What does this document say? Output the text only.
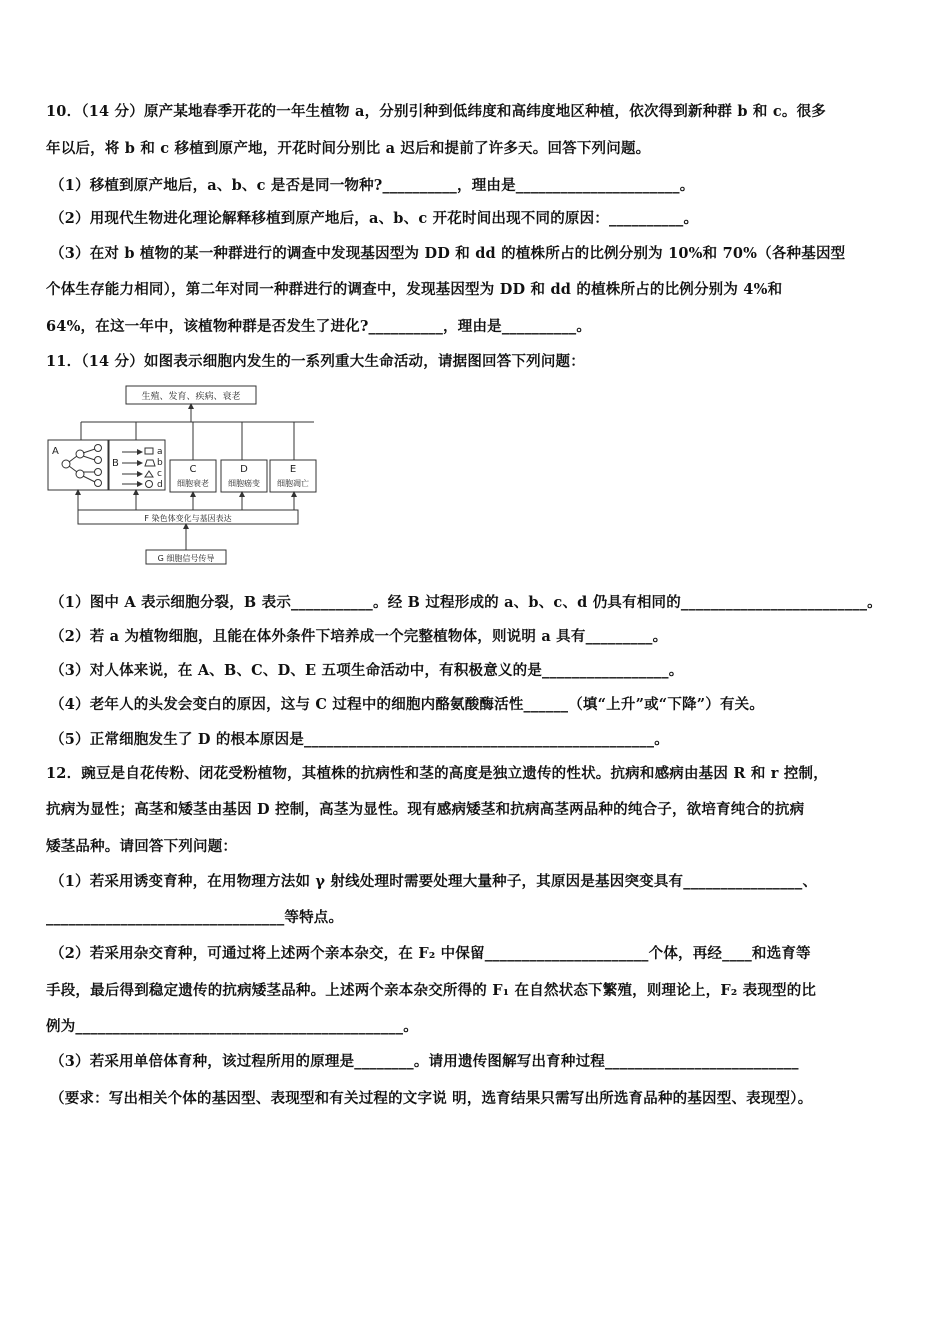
10．（14 分）原产某地春季开花的一年生植物 a，分别引种到低纬度和高纬度地区种植，依次得到新种群 b 和 c。很多
年以后，将 b 和 c 移植到原产地，开花时间分别比 a 迟后和提前了许多天。回答下列问题。
（1）移植到原产地后，a、b、c 是否是同一物种?__________，理由是______________________。
（2）用现代生物进化理论解释移植到原产地后，a、b、c 开花时间出现不同的原因：__________。
（3）在对 b 植物的某一种群进行的调查中发现基因型为 DD 和 dd 的植株所占的比例分别为 10%和 70%（各种基因型
个体生存能力相同），第二年对同一种群进行的调查中，发现基因型为 DD 和 dd 的植株所占的比例分别为 4%和
64%，在这一年中，该植物种群是否发生了进化?__________，理由是__________。
11．（14 分）如图表示细胞内发生的一系列重大生命活动，请据图回答下列问题：
生殖、发育、疾病、衰老
A
B
a
b
c
d
C
细胞衰老
D
细胞癌变
E
细胞凋亡
F 染色体变化与基因表达
G 细胞信号传导
（1）图中 A 表示细胞分裂，B 表示___________。经 B 过程形成的 a、b、c、d 仍具有相同的_________________________。
（2）若 a 为植物细胞，且能在体外条件下培养成一个完整植物体，则说明 a 具有_________。
（3）对人体来说，在 A、B、C、D、E 五项生命活动中，有积极意义的是_________________。
（4）老年人的头发会变白的原因，这与 C 过程中的细胞内酪氨酸酶活性______（填“上升”或“下降”）有关。
（5）正常细胞发生了 D 的根本原因是_______________________________________________。
12．豌豆是自花传粉、闭花受粉植物，其植株的抗病性和茎的高度是独立遗传的性状。抗病和感病由基因 R 和 r 控制，
抗病为显性；高茎和矮茎由基因 D 控制，高茎为显性。现有感病矮茎和抗病高茎两品种的纯合子，欲培育纯合的抗病
矮茎品种。请回答下列问题：
（1）若采用诱变育种，在用物理方法如 γ 射线处理时需要处理大量种子，其原因是基因突变具有________________、
________________________________等特点。
（2）若采用杂交育种，可通过将上述两个亲本杂交，在 F₂ 中保留______________________个体，再经____和选育等
手段，最后得到稳定遗传的抗病矮茎品种。上述两个亲本杂交所得的 F₁ 在自然状态下繁殖，则理论上，F₂ 表现型的比
例为____________________________________________。
（3）若采用单倍体育种，该过程所用的原理是________。请用遗传图解写出育种过程__________________________
（要求：写出相关个体的基因型、表现型和有关过程的文字说 明，选育结果只需写出所选育品种的基因型、表现型）。
